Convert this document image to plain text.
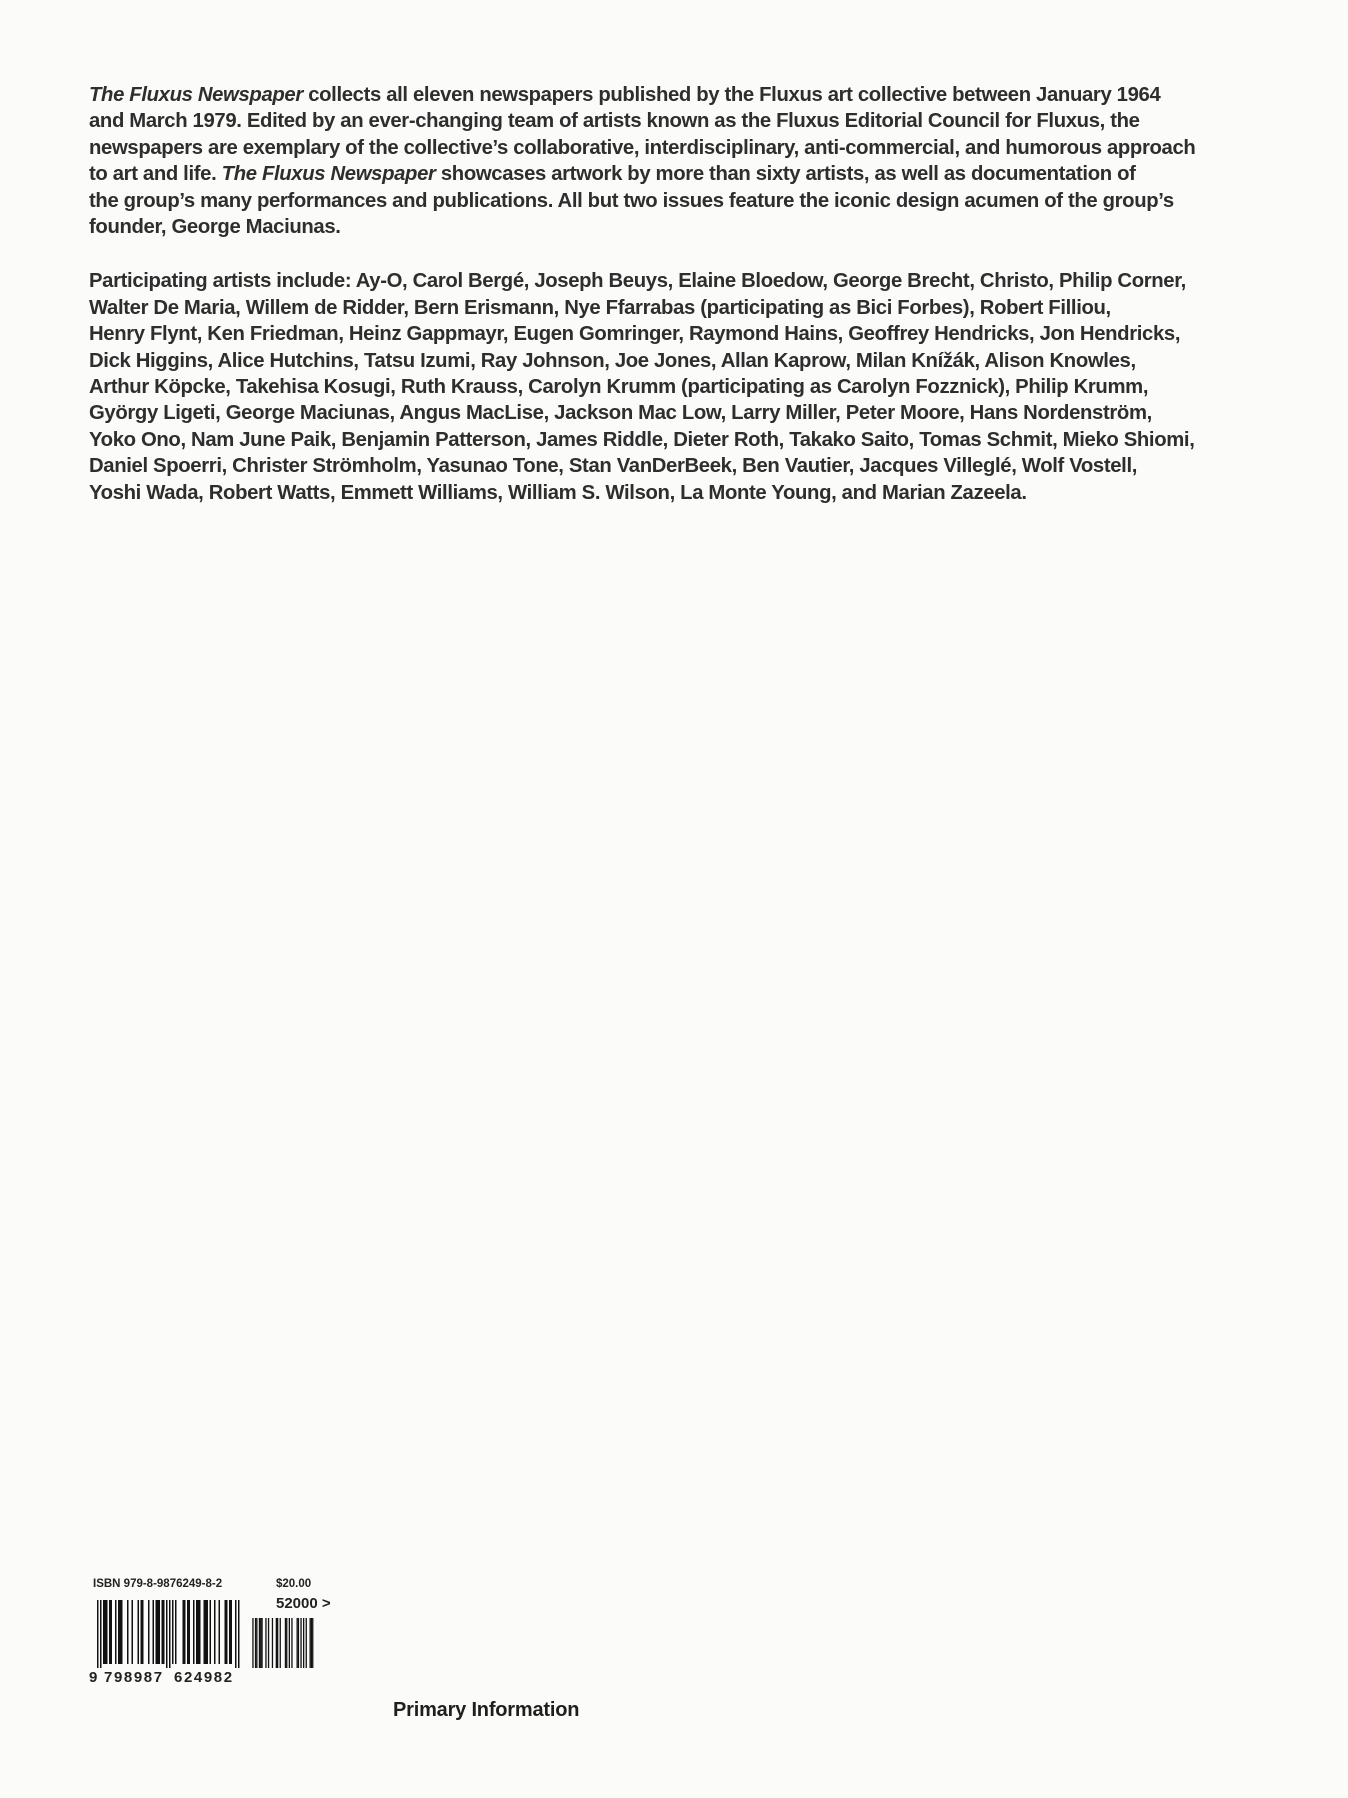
The Fluxus Newspaper collects all eleven newspapers published by the Fluxus art collective between January 1964
and March 1979. Edited by an ever-changing team of artists known as the Fluxus Editorial Council for Fluxus, the
newspapers are exemplary of the collective’s collaborative, interdisciplinary, anti-commercial, and humorous approach
to art and life. The Fluxus Newspaper showcases artwork by more than sixty artists, as well as documentation of
the group’s many performances and publications. All but two issues feature the iconic design acumen of the group’s
founder, George Maciunas.

Participating artists include: Ay-O, Carol Bergé, Joseph Beuys, Elaine Bloedow, George Brecht, Christo, Philip Corner,
Walter De Maria, Willem de Ridder, Bern Erismann, Nye Ffarrabas (participating as Bici Forbes), Robert Filliou,
Henry Flynt, Ken Friedman, Heinz Gappmayr, Eugen Gomringer, Raymond Hains, Geoffrey Hendricks, Jon Hendricks,
Dick Higgins, Alice Hutchins, Tatsu Izumi, Ray Johnson, Joe Jones, Allan Kaprow, Milan Knížák, Alison Knowles,
Arthur Köpcke, Takehisa Kosugi, Ruth Krauss, Carolyn Krumm (participating as Carolyn Fozznick), Philip Krumm,
György Ligeti, George Maciunas, Angus MacLise, Jackson Mac Low, Larry Miller, Peter Moore, Hans Nordenström,
Yoko Ono, Nam June Paik, Benjamin Patterson, James Riddle, Dieter Roth, Takako Saito, Tomas Schmit, Mieko Shiomi,
Daniel Spoerri, Christer Strömholm, Yasunao Tone, Stan VanDerBeek, Ben Vautier, Jacques Villeglé, Wolf Vostell,
Yoshi Wada, Robert Watts, Emmett Williams, William S. Wilson, La Monte Young, and Marian Zazeela.

ISBN 979-8-9876249-8-2	$20.00
52000 >
9 798987 624982
Primary Information
